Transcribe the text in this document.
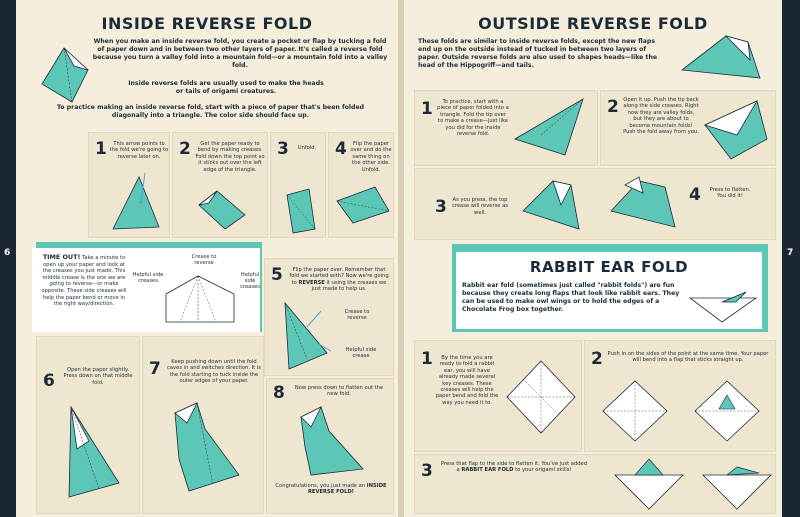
6	7
INSIDE REVERSE FOLD
When you make an inside reverse fold, you create a pocket or flap by tucking a fold of paper down and in between two other layers of paper. It's called a reverse fold because you turn a valley fold into a mountain fold—or a mountain fold into a valley fold.
Inside reverse folds are usually used to make the heads or tails of origami creatures.
To practice making an inside reverse fold, start with a piece of paper that's been folded diagonally into a triangle. The color side should face up.
1	This arrow points to the fold we're going to reverse later on.	2	Get the paper ready to bend by making creases. Fold down the top point so it sticks out over the left edge of the triangle.
3	Unfold.	4	Flip the paper over and do the same thing on the other side. Unfold.
TIME OUT! Take a minute to open up your paper and look at the creases you just made. This middle crease is the one we are going to reverse—or make opposite. These side creases will help the paper bend or move in the right way/direction.
Crease to reverse
Helpful side creases
Helpful side creases
5	Flip the paper over. Remember that fold we started with? Now we're going to REVERSE it using the creases we just made to help us.
Crease to reverse
Helpful side crease
6
Open the paper slightly. Press down on that middle fold.
7	Keep pushing down until the fold caves in and switches direction. It is the fold starting to tuck inside the outer edges of your paper.
8	Now press down to flatten out the new fold.
Congratulations, you just made an INSIDE REVERSE FOLD!
OUTSIDE REVERSE FOLD
These folds are similar to inside reverse folds, except the new flaps end up on the outside instead of tucked in between two layers of paper. Outside reverse folds are also used to shapes heads—like the head of the Hippogriff—and tails.
1	To practice, start with a piece of paper folded into a triangle. Fold the tip over to make a crease—just like you did for the inside reverse fold.
2 Open it up. Push the tip back along the side creases. Right now they are valley folds, but they are about to become mountain folds! Push the fold away from you.
3 As you press, the top crease will reverse as well.
4	Press to flatten. You did it!
RABBIT EAR FOLD
Rabbit ear fold (sometimes just called "rabbit folds") are fun because they create long flaps that look like rabbit ears. They can be used to make owl wings or to hold the edges of a Chocolate Frog box together.
1	By the time you are ready to fold a rabbit ear, you will have already made several key creases. These creases will help the paper bend and fold the way you need it to.
2 Push in on the sides of the point at the same time. Your paper will bend into a flap that sticks straight up.
3	Press that flap to the side to flatten it. You've just added a RABBIT EAR FOLD to your origami skills!
